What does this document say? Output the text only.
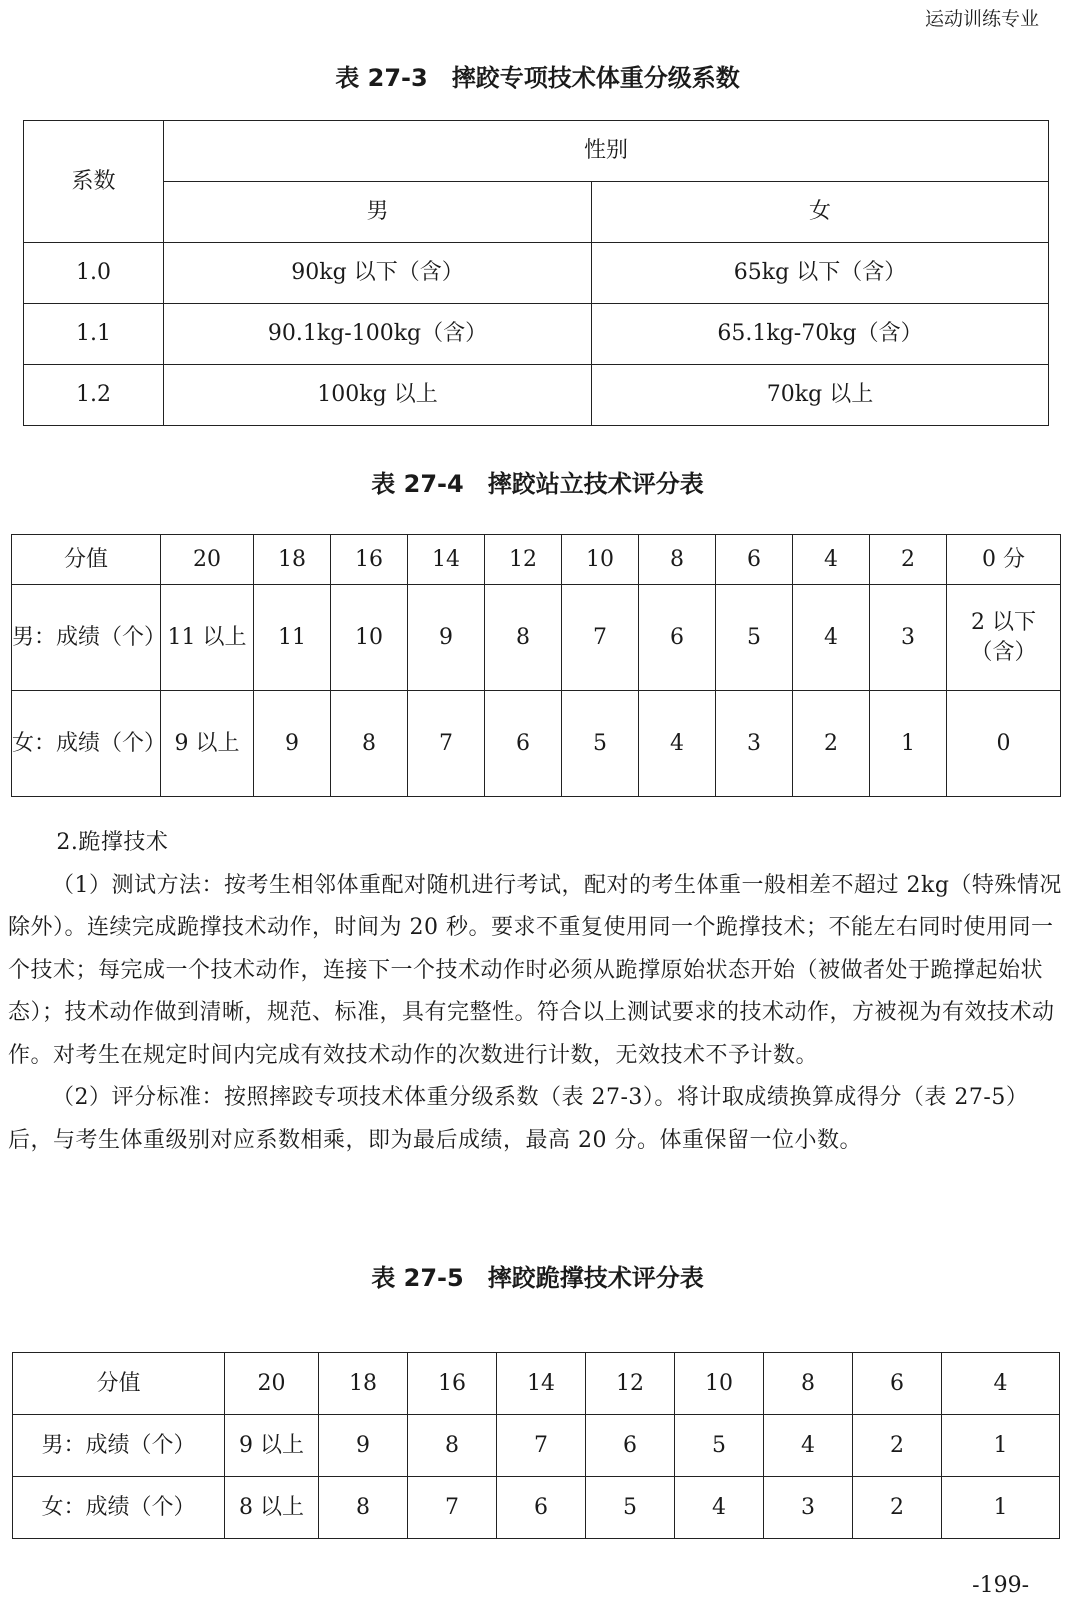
运动训练专业
表 27-3　摔跤专项技术体重分级系数
系数	性别	
	男	女
1.0	90kg 以下（含）	65kg 以下（含）
1.1	90.1kg-100kg（含）	65.1kg-70kg（含）
1.2	100kg 以上	70kg 以上
表 27-4　摔跤站立技术评分表
分值	20	18	16	14	12	10	8	6	4	2	0 分
男：成绩（个）	11 以上	11	10	9	8	7	6	5	4	3	2 以下（含）
女：成绩（个）	9 以上	9	8	7	6	5	4	3	2	1	0

2.跪撑技术

（1）测试方法：按考生相邻体重配对随机进行考试，配对的考生体重一般相差不超过 2kg（特殊情况除外）。连续完成跪撑技术动作，时间为 20 秒。要求不重复使用同一个跪撑技术；不能左右同时使用同一个技术；每完成一个技术动作，连接下一个技术动作时必须从跪撑原始状态开始（被做者处于跪撑起始状态）；技术动作做到清晰，规范、标准，具有完整性。符合以上测试要求的技术动作，方被视为有效技术动作。对考生在规定时间内完成有效技术动作的次数进行计数，无效技术不予计数。

（2）评分标准：按照摔跤专项技术体重分级系数（表 27-3）。将计取成绩换算成得分（表 27-5）后，与考生体重级别对应系数相乘，即为最后成绩，最高 20 分。体重保留一位小数。

表 27-5　摔跤跪撑技术评分表
分值	20	18	16	14	12	10	8	6	4
男：成绩（个）	9 以上	9	8	7	6	5	4	2	1
女：成绩（个）	8 以上	8	7	6	5	4	3	2	1
-199-
